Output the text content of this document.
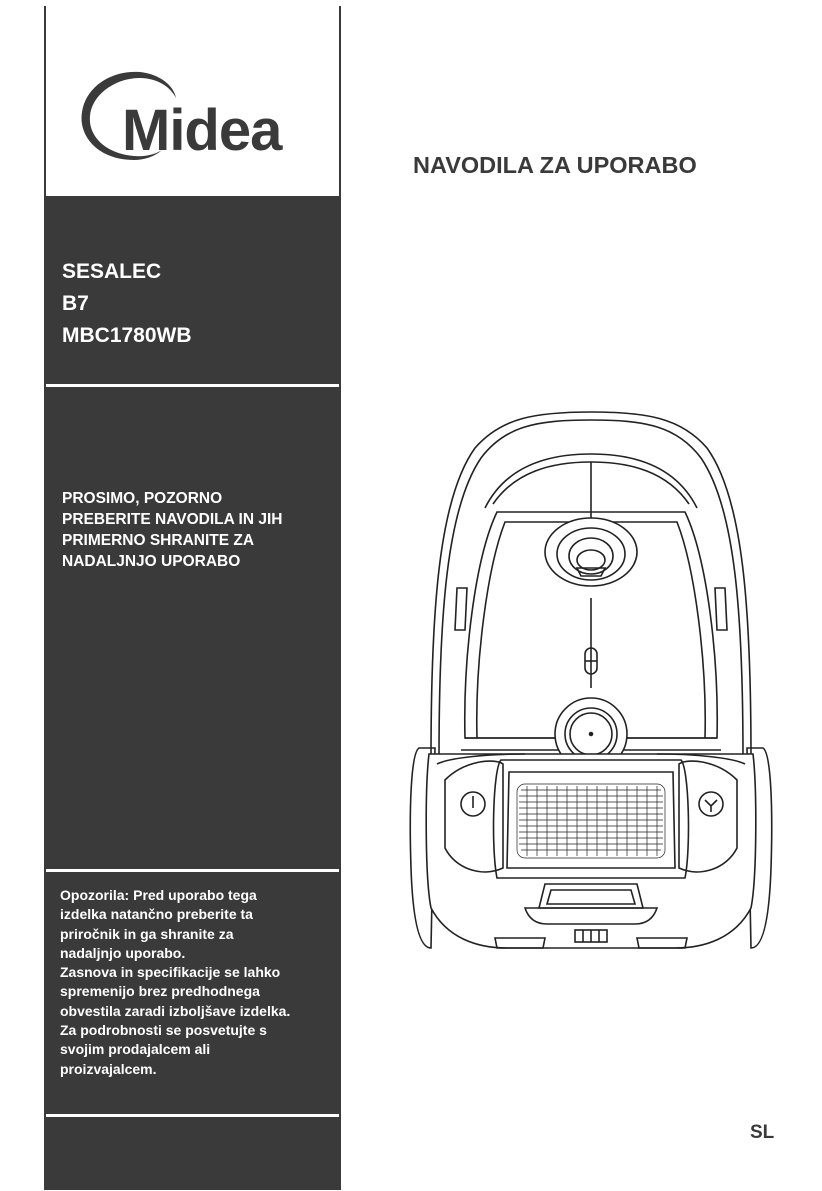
Midea
SESALEC
B7
MBC1780WB
PROSIMO, POZORNO
PREBERITE NAVODILA IN JIH
PRIMERNO SHRANITE ZA
NADALJNJO UPORABO
Opozorila: Pred uporabo tega
izdelka natančno preberite ta
priročnik in ga shranite za
nadaljnjo uporabo.
Zasnova in specifikacije se lahko
spremenijo brez predhodnega
obvestila zaradi izboljšave izdelka.
Za podrobnosti se posvetujte s
svojim prodajalcem ali
proizvajalcem.
NAVODILA ZA UPORABO
SL
